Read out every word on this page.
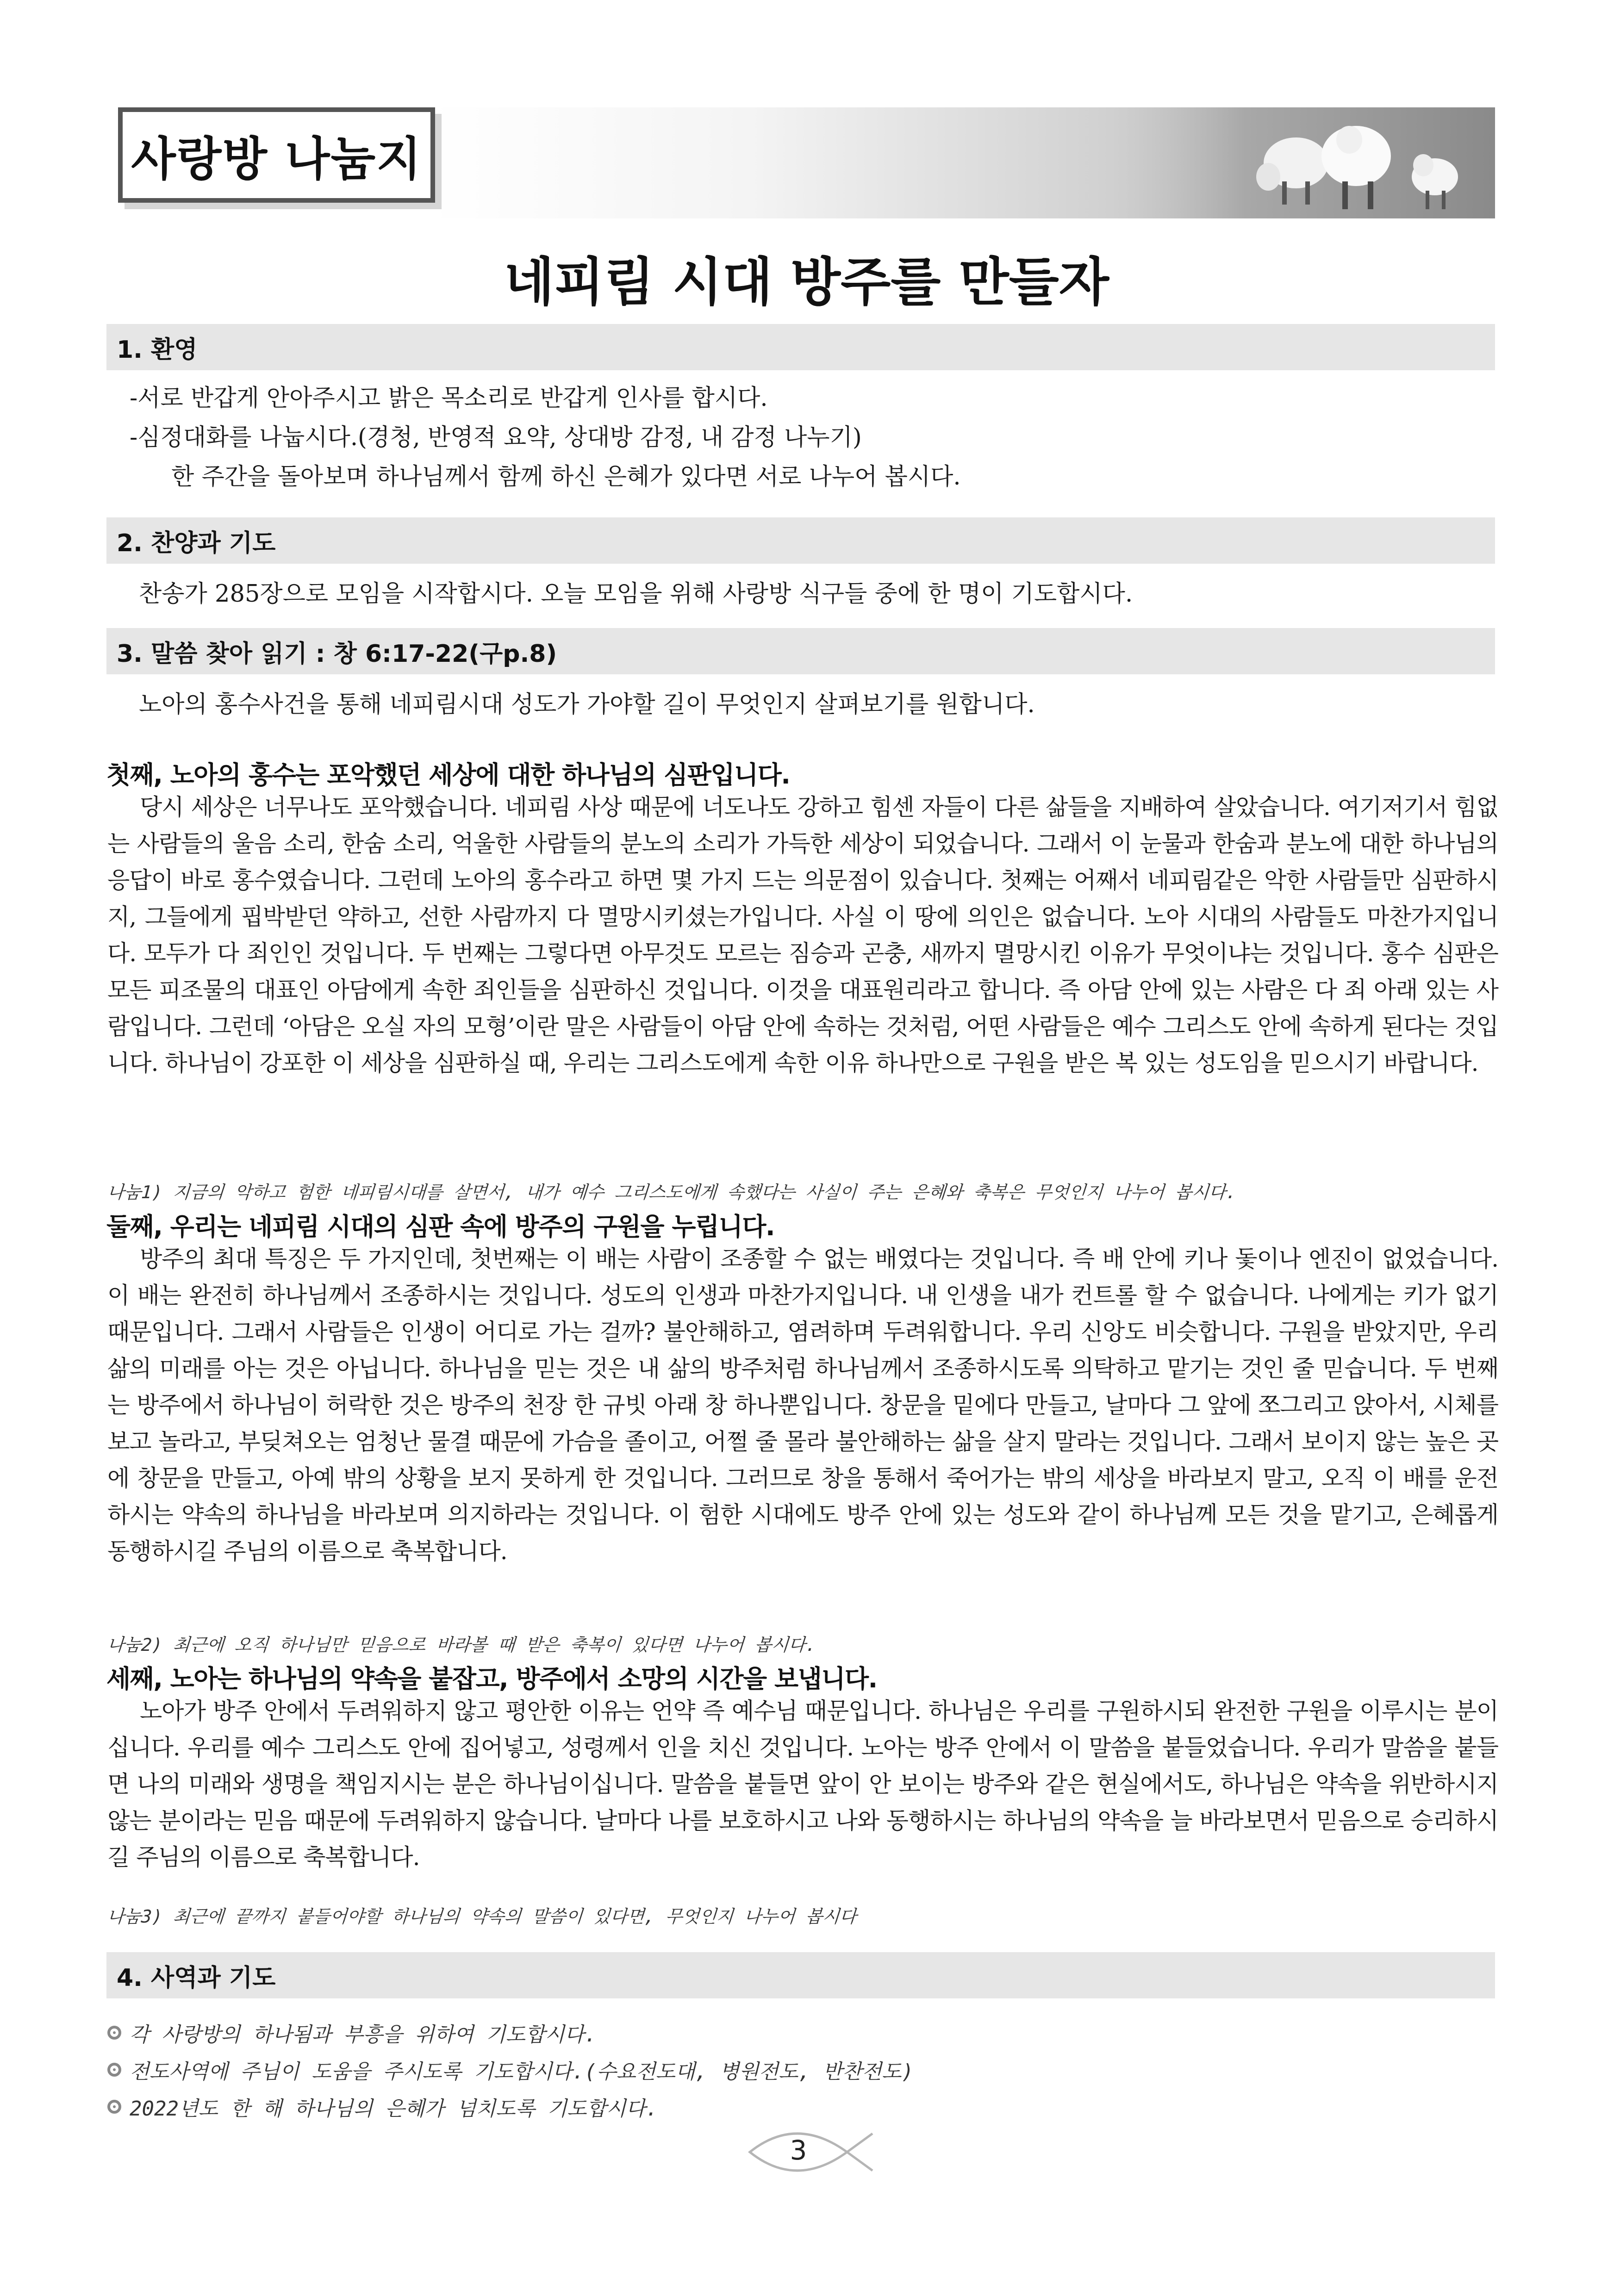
사랑방 나눔지
네피림 시대 방주를 만들자
1. 환영
-서로 반갑게 안아주시고 밝은 목소리로 반갑게 인사를 합시다.
-심정대화를 나눕시다.(경청, 반영적 요약, 상대방 감정, 내 감정 나누기)
한 주간을 돌아보며 하나님께서 함께 하신 은혜가 있다면 서로 나누어 봅시다.
2. 찬양과 기도
찬송가 285장으로 모임을 시작합시다. 오늘 모임을 위해 사랑방 식구들 중에 한 명이 기도합시다.
3. 말씀 찾아 읽기 : 창 6:17-22(구p.8)
노아의 홍수사건을 통해 네피림시대 성도가 가야할 길이 무엇인지 살펴보기를 원합니다.
첫째, 노아의 홍수는 포악했던 세상에 대한 하나님의 심판입니다.

당시 세상은 너무나도 포악했습니다. 네피림 사상 때문에 너도나도 강하고 힘센 자들이 다른 삶들을 지배하여 살았습니다. 여기저기서 힘없는 사람들의 울음 소리, 한숨 소리, 억울한 사람들의 분노의 소리가 가득한 세상이 되었습니다. 그래서 이 눈물과 한숨과 분노에 대한 하나님의 응답이 바로 홍수였습니다. 그런데 노아의 홍수라고 하면 몇 가지 드는 의문점이 있습니다. 첫째는 어째서 네피림같은 악한 사람들만 심판하시지, 그들에게 핍박받던 약하고, 선한 사람까지 다 멸망시키셨는가입니다. 사실 이 땅에 의인은 없습니다. 노아 시대의 사람들도 마찬가지입니다. 모두가 다 죄인인 것입니다. 두 번째는 그렇다면 아무것도 모르는 짐승과 곤충, 새까지 멸망시킨 이유가 무엇이냐는 것입니다. 홍수 심판은 모든 피조물의 대표인 아담에게 속한 죄인들을 심판하신 것입니다. 이것을 대표원리라고 합니다. 즉 아담 안에 있는 사람은 다 죄 아래 있는 사람입니다. 그런데 ‘아담은 오실 자의 모형’이란 말은 사람들이 아담 안에 속하는 것처럼, 어떤 사람들은 예수 그리스도 안에 속하게 된다는 것입니다. 하나님이 강포한 이 세상을 심판하실 때, 우리는 그리스도에게 속한 이유 하나만으로 구원을 받은 복 있는 성도임을 믿으시기 바랍니다.

나눔1) 지금의 악하고 험한 네피림시대를 살면서, 내가 예수 그리스도에게 속했다는 사실이 주는 은혜와 축복은 무엇인지 나누어 봅시다.
둘째, 우리는 네피림 시대의 심판 속에 방주의 구원을 누립니다.

방주의 최대 특징은 두 가지인데, 첫번째는 이 배는 사람이 조종할 수 없는 배였다는 것입니다. 즉 배 안에 키나 돛이나 엔진이 없었습니다. 이 배는 완전히 하나님께서 조종하시는 것입니다. 성도의 인생과 마찬가지입니다. 내 인생을 내가 컨트롤 할 수 없습니다. 나에게는 키가 없기 때문입니다. 그래서 사람들은 인생이 어디로 가는 걸까? 불안해하고, 염려하며 두려워합니다. 우리 신앙도 비슷합니다. 구원을 받았지만, 우리 삶의 미래를 아는 것은 아닙니다. 하나님을 믿는 것은 내 삶의 방주처럼 하나님께서 조종하시도록 의탁하고 맡기는 것인 줄 믿습니다. 두 번째는 방주에서 하나님이 허락한 것은 방주의 천장 한 규빗 아래 창 하나뿐입니다. 창문을 밑에다 만들고, 날마다 그 앞에 쪼그리고 앉아서, 시체를 보고 놀라고, 부딪쳐오는 엄청난 물결 때문에 가슴을 졸이고, 어쩔 줄 몰라 불안해하는 삶을 살지 말라는 것입니다. 그래서 보이지 않는 높은 곳에 창문을 만들고, 아예 밖의 상황을 보지 못하게 한 것입니다. 그러므로 창을 통해서 죽어가는 밖의 세상을 바라보지 말고, 오직 이 배를 운전하시는 약속의 하나님을 바라보며 의지하라는 것입니다. 이 험한 시대에도 방주 안에 있는 성도와 같이 하나님께 모든 것을 맡기고, 은혜롭게 동행하시길 주님의 이름으로 축복합니다.

나눔2) 최근에 오직 하나님만 믿음으로 바라볼 때 받은 축복이 있다면 나누어 봅시다.
세째, 노아는 하나님의 약속을 붙잡고, 방주에서 소망의 시간을 보냅니다.

노아가 방주 안에서 두려워하지 않고 평안한 이유는 언약 즉 예수님 때문입니다. 하나님은 우리를 구원하시되 완전한 구원을 이루시는 분이십니다. 우리를 예수 그리스도 안에 집어넣고, 성령께서 인을 치신 것입니다. 노아는 방주 안에서 이 말씀을 붙들었습니다. 우리가 말씀을 붙들면 나의 미래와 생명을 책임지시는 분은 하나님이십니다. 말씀을 붙들면 앞이 안 보이는 방주와 같은 현실에서도, 하나님은 약속을 위반하시지 않는 분이라는 믿음 때문에 두려워하지 않습니다. 날마다 나를 보호하시고 나와 동행하시는 하나님의 약속을 늘 바라보면서 믿음으로 승리하시길 주님의 이름으로 축복합니다.

나눔3) 최근에 끝까지 붙들어야할 하나님의 약속의 말씀이 있다면, 무엇인지 나누어 봅시다
4. 사역과 기도
각 사랑방의 하나됨과 부흥을 위하여 기도합시다.
전도사역에 주님이 도움을 주시도록 기도합시다.(수요전도대, 병원전도, 반찬전도)
2022년도 한 해 하나님의 은혜가 넘치도록 기도합시다.
3
